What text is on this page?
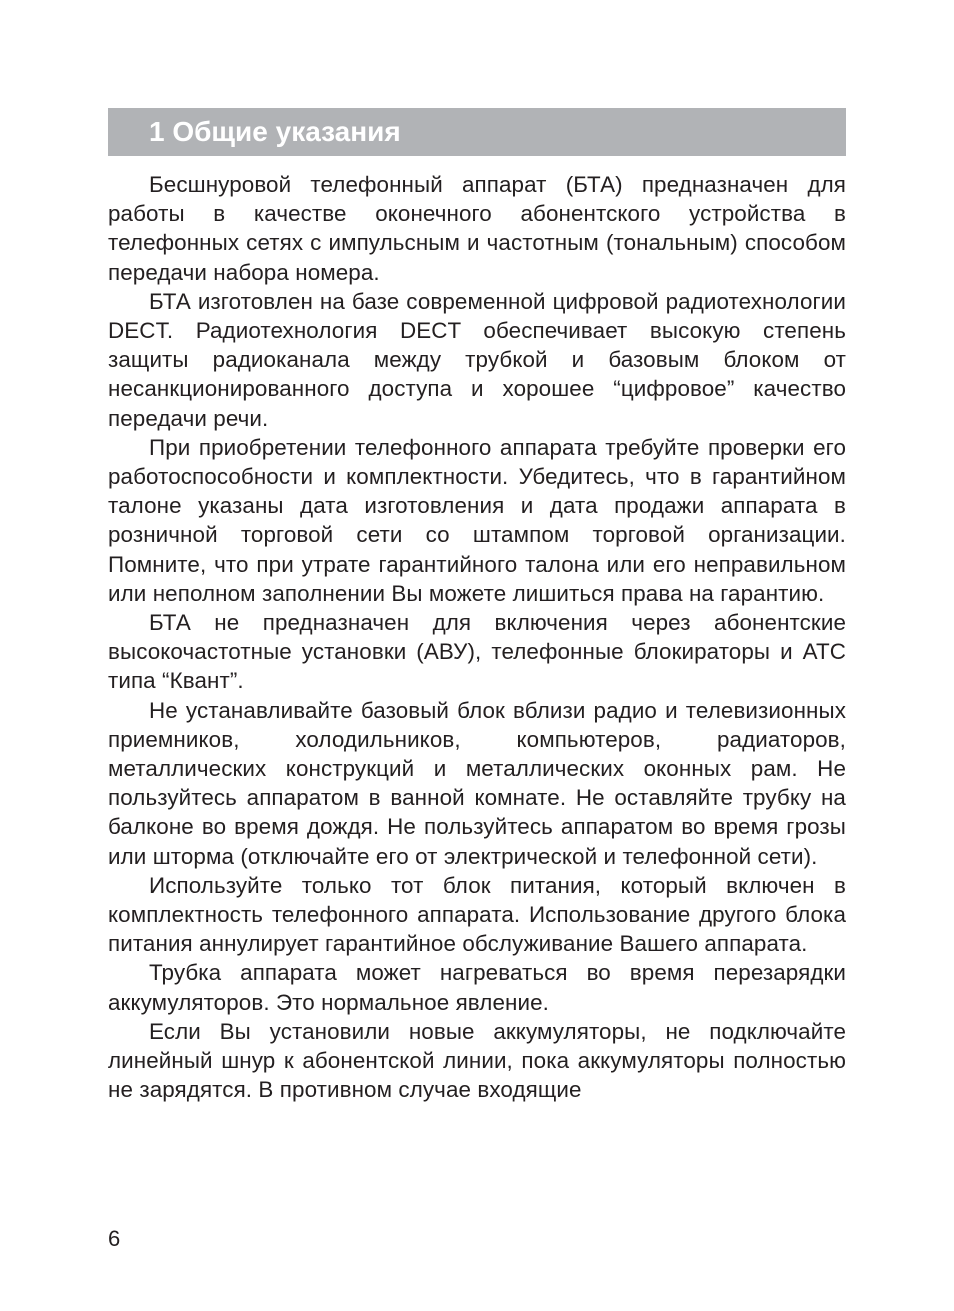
1 Общие указания

Бесшнуровой телефонный аппарат (БТА) предназначен для работы в качестве оконечного абонентского устройства в телефонных сетях с импульсным и частотным (тональным) способом передачи набора номера.

БТА изготовлен на базе современной цифровой радиотехнологии DECT. Радиотехнология DECT обеспечивает высокую степень защиты радиоканала между трубкой и базовым блоком от несанкционированного доступа и хорошее “цифровое” качество передачи речи.

При приобретении телефонного аппарата требуйте проверки его работоспособности и комплектности. Убедитесь, что в гарантийном талоне указаны дата изготовления и дата продажи аппарата в розничной торговой сети со штампом торговой организации. Помните, что при утрате гарантийного талона или его неправильном или неполном заполнении Вы можете лишиться права на гарантию.

БТА не предназначен для включения через абонентские высокочастотные установки (АВУ), телефонные блокираторы и АТС типа “Квант”.

Не устанавливайте базовый блок вблизи радио и телевизионных приемников, холодильников, компьютеров, радиаторов, металлических конструкций и металлических оконных рам. Не пользуйтесь аппаратом в ванной комнате. Не оставляйте трубку на балконе во время дождя. Не пользуйтесь аппаратом во время грозы или шторма (отключайте его от электрической и телефонной сети).

Используйте только тот блок питания, который включен в комплектность телефонного аппарата. Использование другого блока питания аннулирует гарантийное обслуживание Вашего аппарата.

Трубка аппарата может нагреваться во время перезарядки аккумуляторов. Это нормальное явление.

Если Вы установили новые аккумуляторы, не подключайте линейный шнур к абонентской линии, пока аккумуляторы полностью не зарядятся. В противном случае входящие

6
